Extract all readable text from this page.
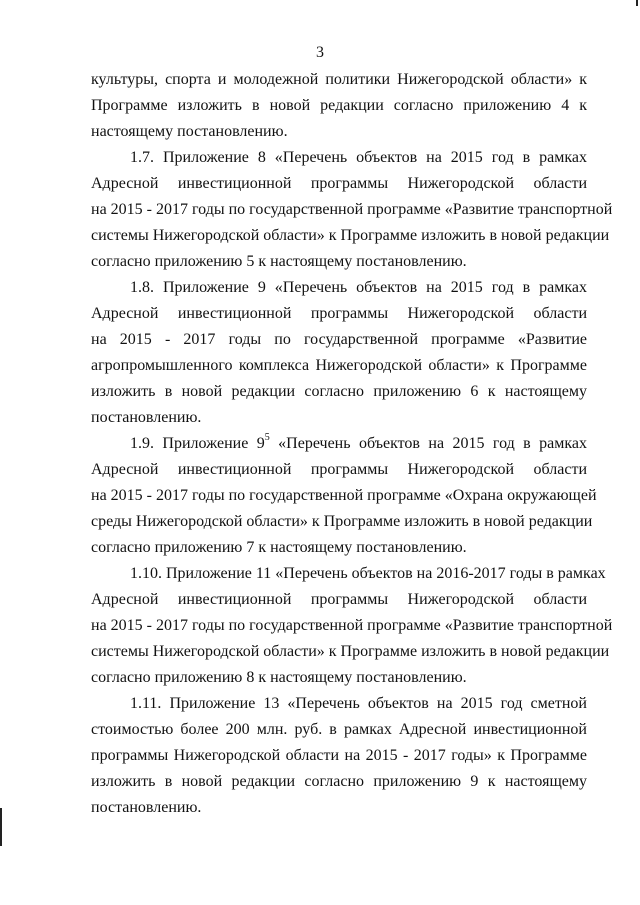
3
культуры, спорта и молодежной политики Нижегородской области» к
Программе изложить в новой редакции согласно приложению 4 к
настоящему постановлению.
1.7. Приложение 8 «Перечень объектов на 2015 год в рамках
Адресной инвестиционной программы Нижегородской области
на 2015 - 2017 годы по государственной программе «Развитие транспортной
системы Нижегородской области» к Программе изложить в новой редакции
согласно приложению 5 к настоящему постановлению.
1.8. Приложение 9 «Перечень объектов на 2015 год в рамках
Адресной инвестиционной программы Нижегородской области
на 2015 - 2017 годы по государственной программе «Развитие
агропромышленного комплекса Нижегородской области» к Программе
изложить в новой редакции согласно приложению 6 к настоящему
постановлению.
1.9. Приложение $9^5$ «Перечень объектов на 2015 год в рамках
Адресной инвестиционной программы Нижегородской области
на 2015 - 2017 годы по государственной программе «Охрана окружающей
среды Нижегородской области» к Программе изложить в новой редакции
согласно приложению 7 к настоящему постановлению.
1.10. Приложение 11 «Перечень объектов на 2016-2017 годы в рамках
Адресной инвестиционной программы Нижегородской области
на 2015 - 2017 годы по государственной программе «Развитие транспортной
системы Нижегородской области» к Программе изложить в новой редакции
согласно приложению 8 к настоящему постановлению.
1.11. Приложение 13 «Перечень объектов на 2015 год сметной
стоимостью более 200 млн. руб. в рамках Адресной инвестиционной
программы Нижегородской области на 2015 - 2017 годы» к Программе
изложить в новой редакции согласно приложению 9 к настоящему
постановлению.
